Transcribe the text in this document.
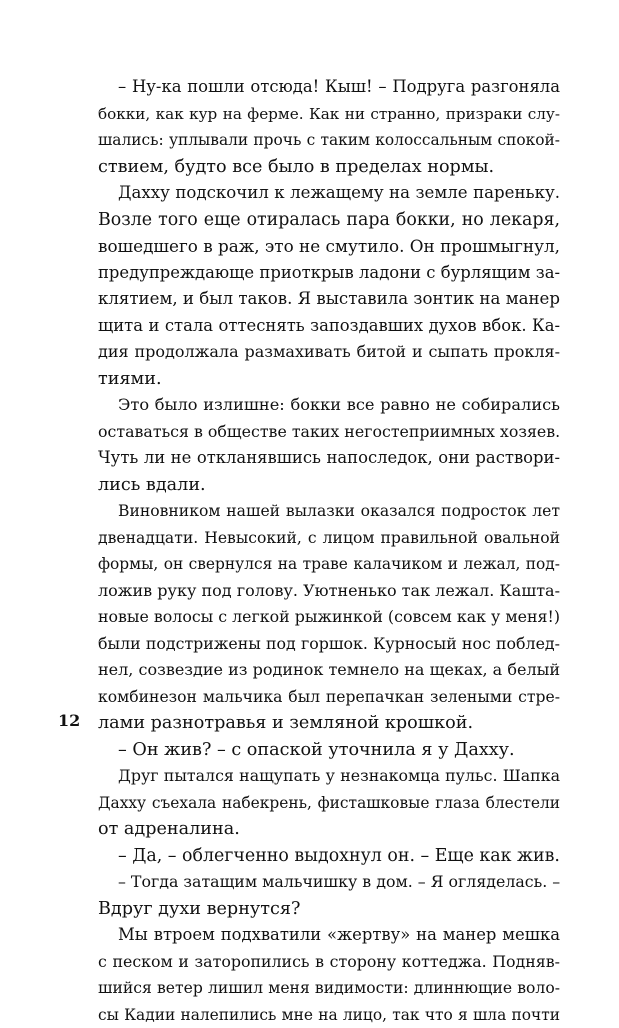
– Ну-ка пошли отсюда! Кыш! – Подруга разгоняла
бокки, как кур на ферме. Как ни странно, призраки слу-
шались: уплывали прочь с таким колоссальным спокой-
ствием, будто все было в пределах нормы.
Дахху подскочил к лежащему на земле пареньку.
Возле того еще отиралась пара бокки, но лекаря,
вошедшего в раж, это не смутило. Он прошмыгнул,
предупреждающе приоткрыв ладони с бурлящим за-
клятием, и был таков. Я выставила зонтик на манер
щита и стала оттеснять запоздавших духов вбок. Ка-
дия продолжала размахивать битой и сыпать прокля-
тиями.
Это было излишне: бокки все равно не собирались
оставаться в обществе таких негостеприимных хозяев.
Чуть ли не откланявшись напоследок, они раствори-
лись вдали.
Виновником нашей вылазки оказался подросток лет
двенадцати. Невысокий, с лицом правильной овальной
формы, он свернулся на траве калачиком и лежал, под-
ложив руку под голову. Уютненько так лежал. Кашта-
новые волосы с легкой рыжинкой (совсем как у меня!)
были подстрижены под горшок. Курносый нос поблед-
нел, созвездие из родинок темнело на щеках, а белый
комбинезон мальчика был перепачкан зелеными стре-
лами разнотравья и земляной крошкой.
– Он жив? – с опаской уточнила я у Дахху.
Друг пытался нащупать у незнакомца пульс. Шапка
Дахху съехала набекрень, фисташковые глаза блестели
от адреналина.
– Да, – облегченно выдохнул он. – Еще как жив.
– Тогда затащим мальчишку в дом. – Я огляделась. –
Вдруг духи вернутся?
Мы втроем подхватили «жертву» на манер мешка
с песком и заторопились в сторону коттеджа. Подняв-
шийся ветер лишил меня видимости: длиннющие воло-
сы Кадии налепились мне на лицо, так что я шла почти

12
